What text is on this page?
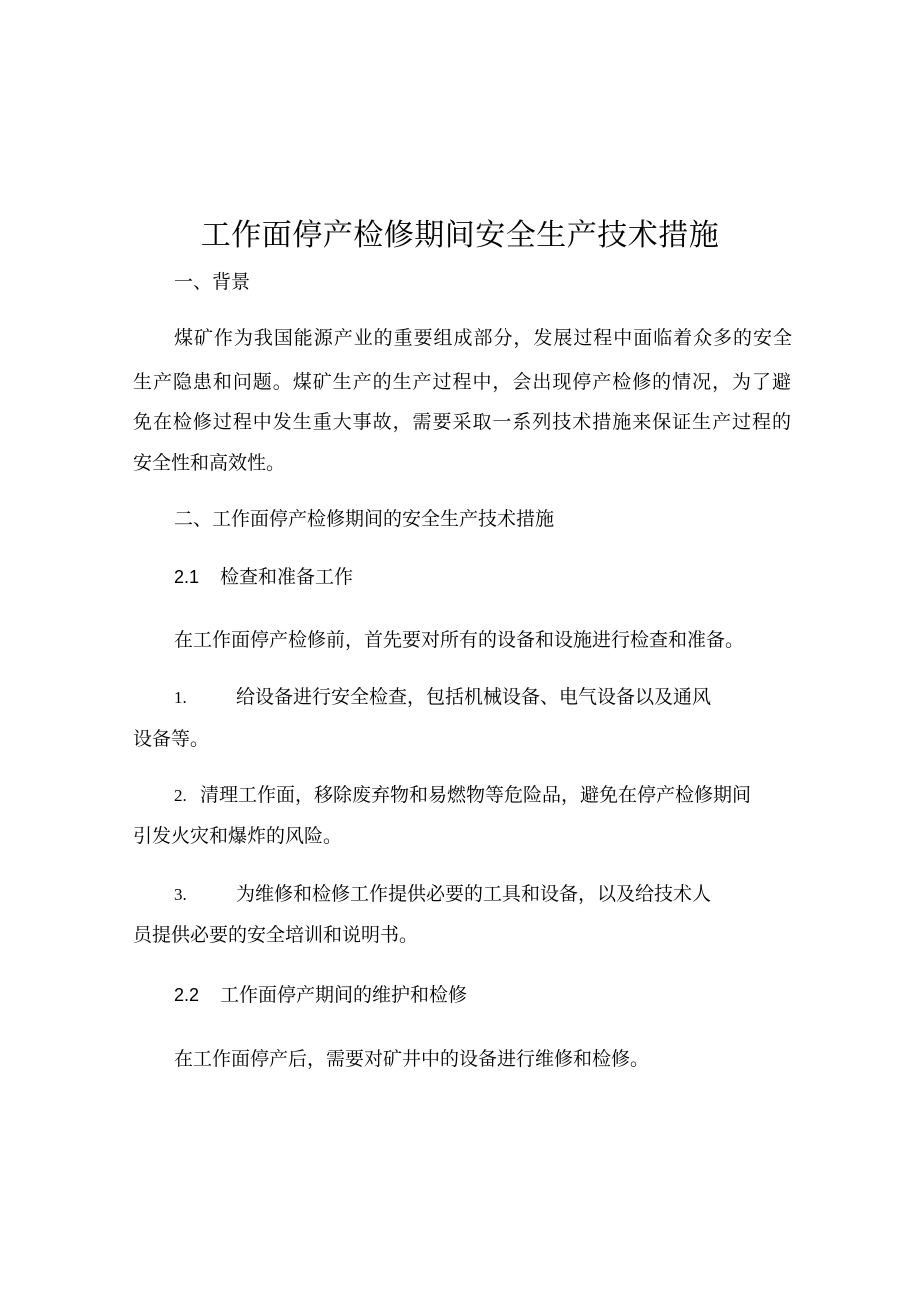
工作面停产检修期间安全生产技术措施
一、背景
煤矿作为我国能源产业的重要组成部分，发展过程中面临着众多的安全
生产隐患和问题。煤矿生产的生产过程中，会出现停产检修的情况，为了避
免在检修过程中发生重大事故，需要采取一系列技术措施来保证生产过程的
安全性和高效性。
二、工作面停产检修期间的安全生产技术措施
2.1 检查和准备工作
在工作面停产检修前，首先要对所有的设备和设施进行检查和准备。
1.	给设备进行安全检查，包括机械设备、电气设备以及通风
设备等。
2. 清理工作面，移除废弃物和易燃物等危险品，避免在停产检修期间
引发火灾和爆炸的风险。
3.	为维修和检修工作提供必要的工具和设备，以及给技术人
员提供必要的安全培训和说明书。
2.2 工作面停产期间的维护和检修
在工作面停产后，需要对矿井中的设备进行维修和检修。
